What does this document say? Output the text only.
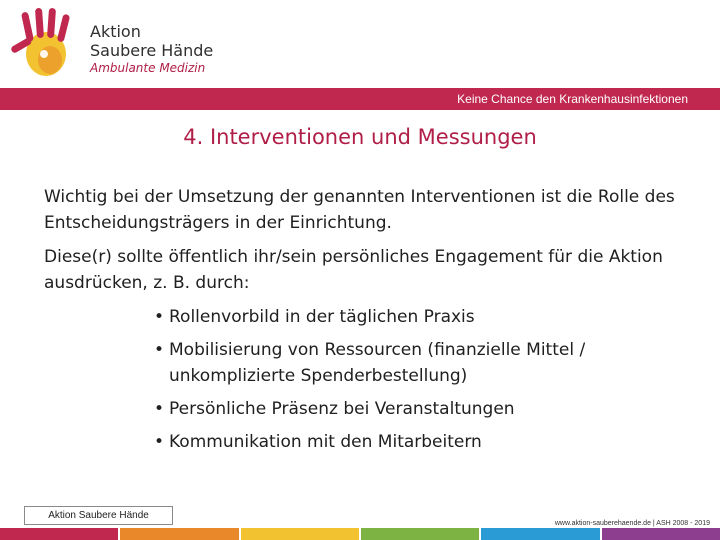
Aktion
Saubere Hände
Ambulante Medizin
Keine Chance den Krankenhausinfektionen
4. Interventionen und Messungen

Wichtig bei der Umsetzung der genannten Interventionen ist die Rolle des Entscheidungsträgers in der Einrichtung.

Diese(r) sollte öffentlich ihr/sein persönliches Engagement für die Aktion ausdrücken, z. B. durch:

• Rollenvorbild in der täglichen Praxis
• Mobilisierung von Ressourcen (finanzielle Mittel / unkomplizierte Spenderbestellung)
• Persönliche Präsenz bei Veranstaltungen
• Kommunikation mit den Mitarbeitern
Aktion Saubere Hände
www.aktion-sauberehaende.de | ASH 2008 - 2019
